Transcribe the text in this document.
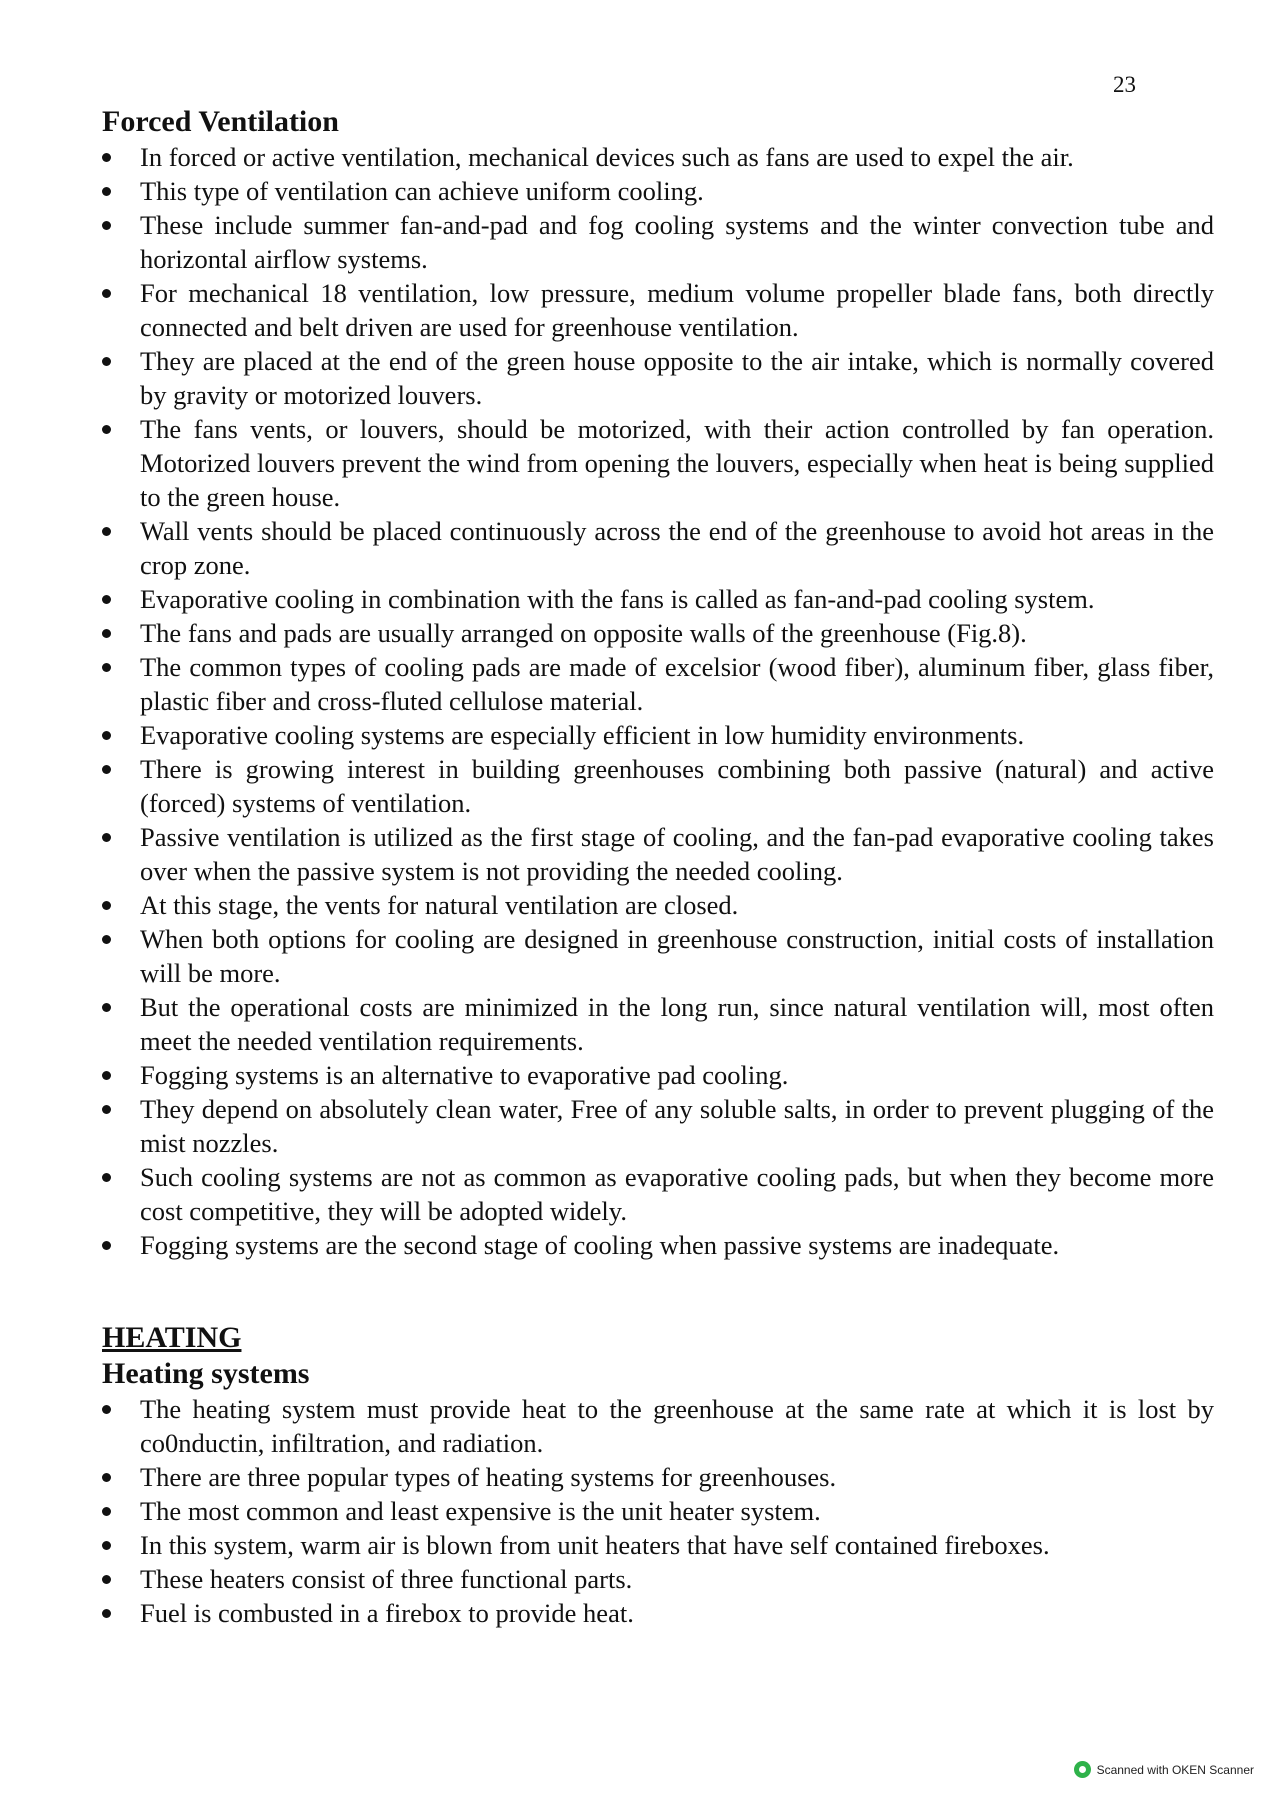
23
Forced Ventilation
In forced or active ventilation, mechanical devices such as fans are used to expel the air.
This type of ventilation can achieve uniform cooling.
These include summer fan-and-pad and fog cooling systems and the winter convection tube and horizontal airflow systems.
For mechanical 18 ventilation, low pressure, medium volume propeller blade fans, both directly connected and belt driven are used for greenhouse ventilation.
They are placed at the end of the green house opposite to the air intake, which is normally covered by gravity or motorized louvers.
The fans vents, or louvers, should be motorized, with their action controlled by fan operation. Motorized louvers prevent the wind from opening the louvers, especially when heat is being supplied to the green house.
Wall vents should be placed continuously across the end of the greenhouse to avoid hot areas in the crop zone.
Evaporative cooling in combination with the fans is called as fan-and-pad cooling system.
The fans and pads are usually arranged on opposite walls of the greenhouse (Fig.8).
The common types of cooling pads are made of excelsior (wood fiber), aluminum fiber, glass fiber, plastic fiber and cross-fluted cellulose material.
Evaporative cooling systems are especially efficient in low humidity environments.
There is growing interest in building greenhouses combining both passive (natural) and active (forced) systems of ventilation.
Passive ventilation is utilized as the first stage of cooling, and the fan-pad evaporative cooling takes over when the passive system is not providing the needed cooling.
At this stage, the vents for natural ventilation are closed.
When both options for cooling are designed in greenhouse construction, initial costs of installation will be more.
But the operational costs are minimized in the long run, since natural ventilation will, most often meet the needed ventilation requirements.
Fogging systems is an alternative to evaporative pad cooling.
They depend on absolutely clean water, Free of any soluble salts, in order to prevent plugging of the mist nozzles.
Such cooling systems are not as common as evaporative cooling pads, but when they become more cost competitive, they will be adopted widely.
Fogging systems are the second stage of cooling when passive systems are inadequate.
HEATING
Heating systems
The heating system must provide heat to the greenhouse at the same rate at which it is lost by co0nductin, infiltration, and radiation.
There are three popular types of heating systems for greenhouses.
The most common and least expensive is the unit heater system.
In this system, warm air is blown from unit heaters that have self contained fireboxes.
These heaters consist of three functional parts.
Fuel is combusted in a firebox to provide heat.
Scanned with OKEN Scanner
